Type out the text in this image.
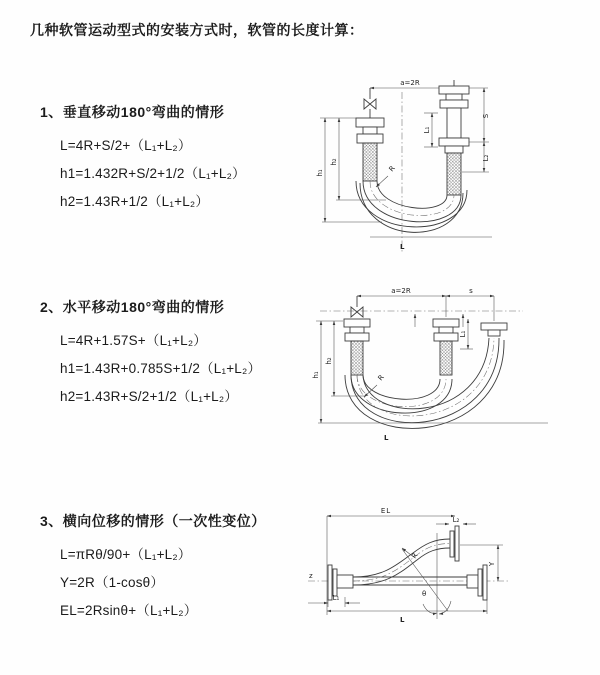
几种软管运动型式的安装方式时，软管的长度计算：
1、垂直移动180°弯曲的情形

L=4R+S/2+（L₁+L₂）

h1=1.432R+S/2+1/2（L₁+L₂）

h2=1.43R+1/2（L₁+L₂）

2、水平移动180°弯曲的情形

L=4R+1.57S+（L₁+L₂）

h1=1.43R+0.785S+1/2（L₁+L₂）

h2=1.43R+S/2+1/2（L₁+L₂）

3、横向位移的情形（一次性变位）

L=πRθ/90+（L₁+L₂）

Y=2R（1-cosθ）

EL=2Rsinθ+（L₁+L₂）

a=2R
h₁
h₂
S
L₂
L₁
R
L
a=2R	s
h₁
h₂
L₁
R
L
z
EL
L₂
θ
R
Y
L₁
L
